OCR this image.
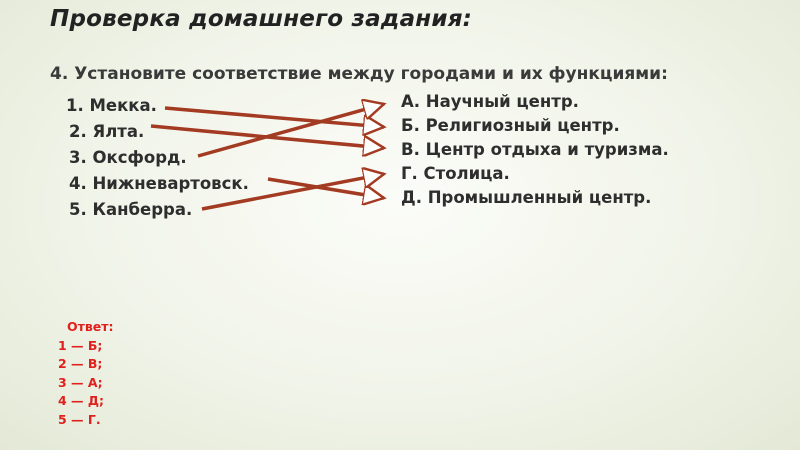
Проверка домашнего задания:
4. Установите соответствие между городами и их функциями:
1. Мекка.
2. Ялта.
3. Оксфорд.
4. Нижневартовск.
5. Канберра.
А. Научный центр.
Б. Религиозный центр.
В. Центр отдыха и туризма.
Г. Столица.
Д. Промышленный центр.
Ответ:
1 — Б;
2 — В;
3 — А;
4 — Д;
5 — Г.
